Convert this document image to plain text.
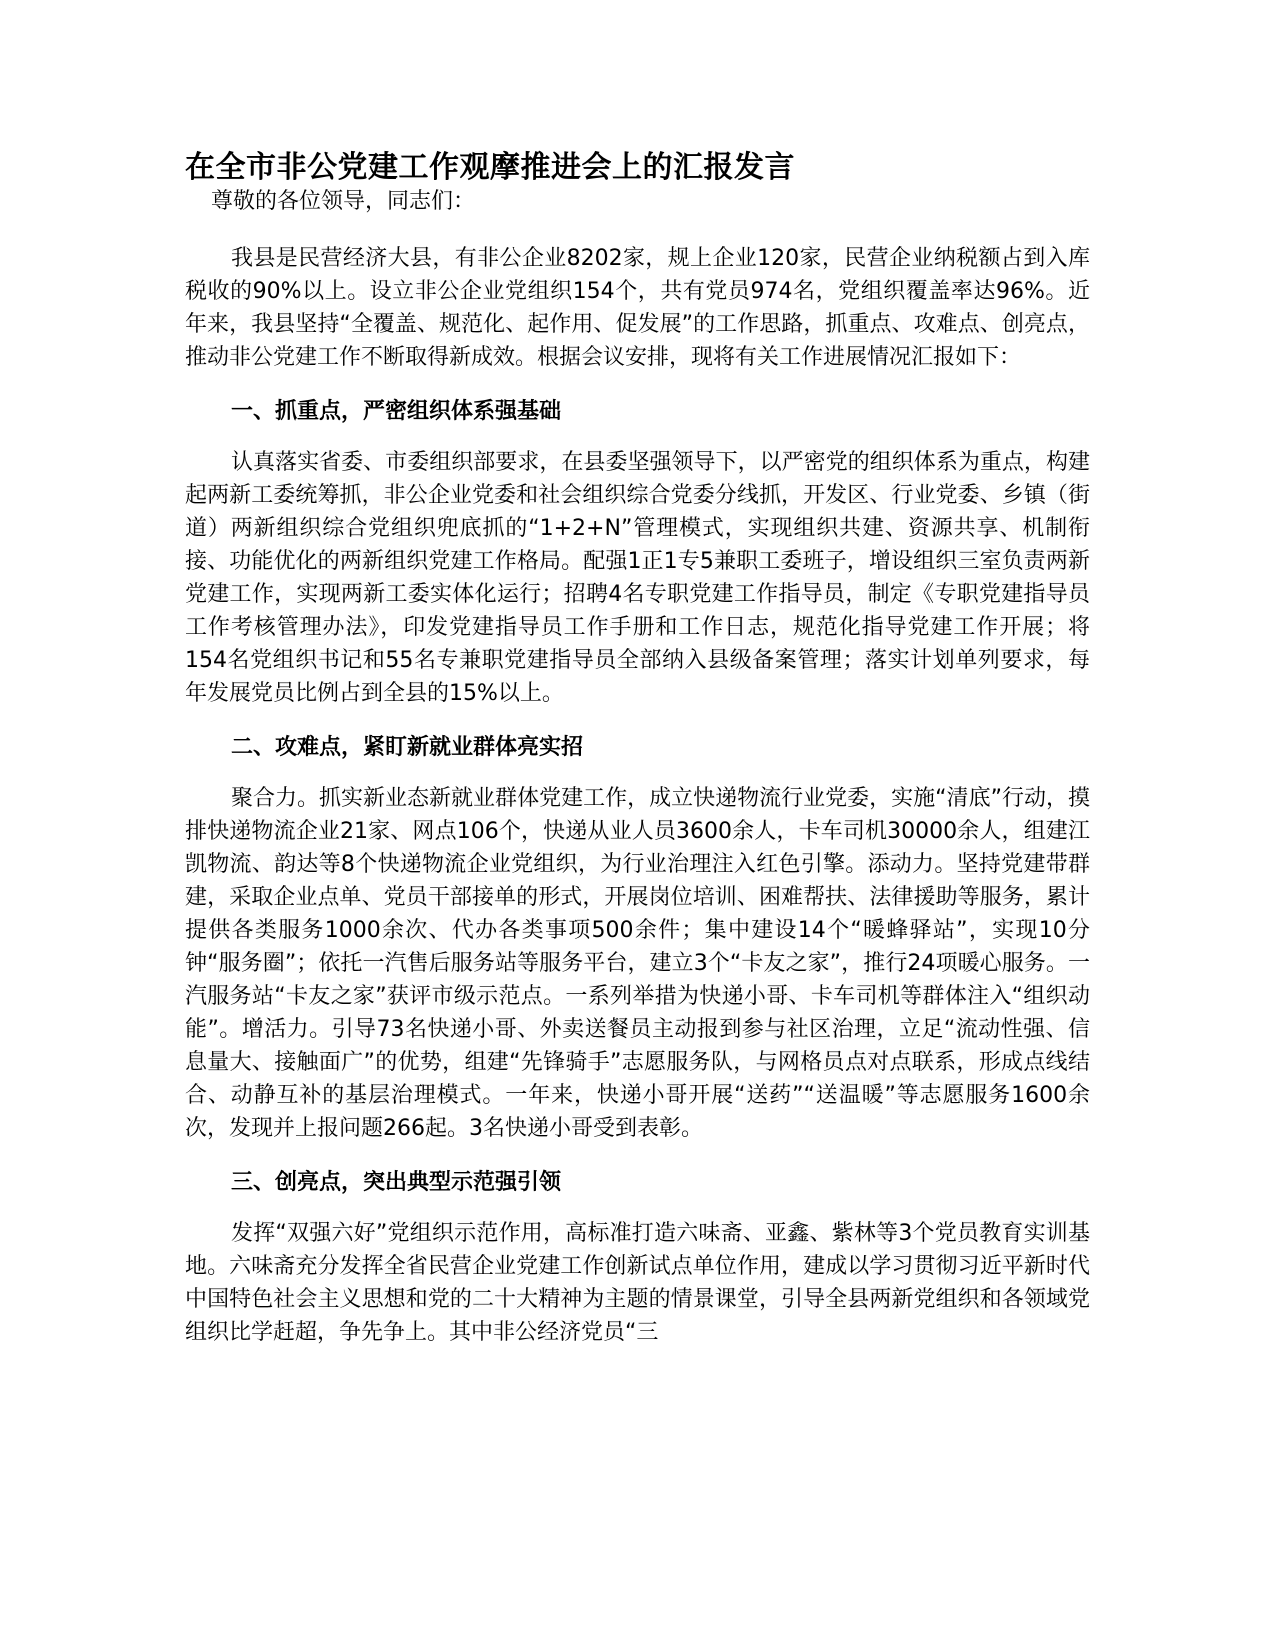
在全市非公党建工作观摩推进会上的汇报发言

尊敬的各位领导，同志们：

我县是民营经济大县，有非公企业8202家，规上企业120家，民营企业纳税额占到入库税收的90%以上。设立非公企业党组织154个，共有党员974名，党组织覆盖率达96%。近年来，我县坚持“全覆盖、规范化、起作用、促发展”的工作思路，抓重点、攻难点、创亮点，推动非公党建工作不断取得新成效。根据会议安排，现将有关工作进展情况汇报如下：

一、抓重点，严密组织体系强基础

认真落实省委、市委组织部要求，在县委坚强领导下，以严密党的组织体系为重点，构建起两新工委统筹抓，非公企业党委和社会组织综合党委分线抓，开发区、行业党委、乡镇（街道）两新组织综合党组织兜底抓的“1+2+N”管理模式，实现组织共建、资源共享、机制衔接、功能优化的两新组织党建工作格局。配强1正1专5兼职工委班子，增设组织三室负责两新党建工作，实现两新工委实体化运行；招聘4名专职党建工作指导员，制定《专职党建指导员工作考核管理办法》，印发党建指导员工作手册和工作日志，规范化指导党建工作开展；将154名党组织书记和55名专兼职党建指导员全部纳入县级备案管理；落实计划单列要求，每年发展党员比例占到全县的15%以上。

二、攻难点，紧盯新就业群体亮实招

聚合力。抓实新业态新就业群体党建工作，成立快递物流行业党委，实施“清底”行动，摸排快递物流企业21家、网点106个，快递从业人员3600余人，卡车司机30000余人，组建江凯物流、韵达等8个快递物流企业党组织，为行业治理注入红色引擎。添动力。坚持党建带群建，采取企业点单、党员干部接单的形式，开展岗位培训、困难帮扶、法律援助等服务，累计提供各类服务1000余次、代办各类事项500余件；集中建设14个“暖蜂驿站”，实现10分钟“服务圈”；依托一汽售后服务站等服务平台，建立3个“卡友之家”，推行24项暖心服务。一汽服务站“卡友之家”获评市级示范点。一系列举措为快递小哥、卡车司机等群体注入“组织动能”。增活力。引导73名快递小哥、外卖送餐员主动报到参与社区治理，立足“流动性强、信息量大、接触面广”的优势，组建“先锋骑手”志愿服务队，与网格员点对点联系，形成点线结合、动静互补的基层治理模式。一年来，快递小哥开展“送药”“送温暖”等志愿服务1600余次，发现并上报问题266起。3名快递小哥受到表彰。

三、创亮点，突出典型示范强引领

发挥“双强六好”党组织示范作用，高标准打造六味斋、亚鑫、紫林等3个党员教育实训基地。六味斋充分发挥全省民营企业党建工作创新试点单位作用，建成以学习贯彻习近平新时代中国特色社会主义思想和党的二十大精神为主题的情景课堂，引导全县两新党组织和各领域党组织比学赶超，争先争上。其中非公经济党员“三
